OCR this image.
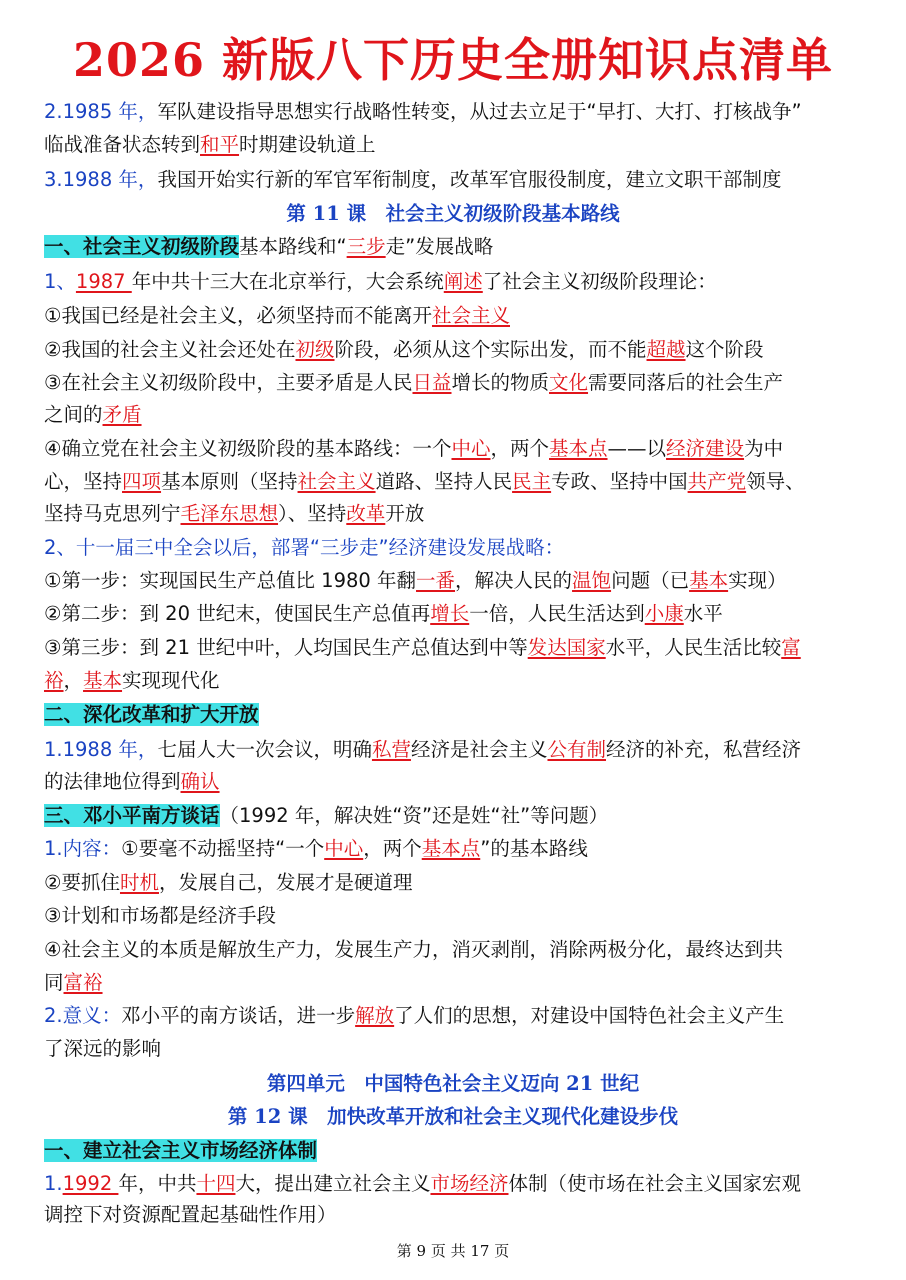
2026 新版八下历史全册知识点清单
2.1985 年，军队建设指导思想实行战略性转变，从过去立足于“早打、大打、打核战争”
临战准备状态转到和平时期建设轨道上
3.1988 年，我国开始实行新的军官军衔制度，改革军官服役制度，建立文职干部制度
第 11 课　社会主义初级阶段基本路线
一、社会主义初级阶段基本路线和“三步走”发展战略
1、1987 年中共十三大在北京举行，大会系统阐述了社会主义初级阶段理论：
①我国已经是社会主义，必须坚持而不能离开社会主义
②我国的社会主义社会还处在初级阶段，必须从这个实际出发，而不能超越这个阶段
③在社会主义初级阶段中，主要矛盾是人民日益增长的物质文化需要同落后的社会生产
之间的矛盾
④确立党在社会主义初级阶段的基本路线：一个中心，两个基本点——以经济建设为中
心，坚持四项基本原则（坚持社会主义道路、坚持人民民主专政、坚持中国共产党领导、
坚持马克思列宁毛泽东思想）、坚持改革开放
2、十一届三中全会以后，部署“三步走”经济建设发展战略：
①第一步：实现国民生产总值比 1980 年翻一番，解决人民的温饱问题（已基本实现）
②第二步：到 20 世纪末，使国民生产总值再增长一倍，人民生活达到小康水平
③第三步：到 21 世纪中叶，人均国民生产总值达到中等发达国家水平，人民生活比较富
裕，基本实现现代化
二、深化改革和扩大开放
1.1988 年，七届人大一次会议，明确私营经济是社会主义公有制经济的补充，私营经济
的法律地位得到确认
三、邓小平南方谈话（1992 年，解决姓“资”还是姓“社”等问题）
1.内容：①要毫不动摇坚持“一个中心，两个基本点”的基本路线
②要抓住时机，发展自己，发展才是硬道理
③计划和市场都是经济手段
④社会主义的本质是解放生产力，发展生产力，消灭剥削，消除两极分化，最终达到共
同富裕
2.意义：邓小平的南方谈话，进一步解放了人们的思想，对建设中国特色社会主义产生
了深远的影响
第四单元　中国特色社会主义迈向 21 世纪
第 12 课　加快改革开放和社会主义现代化建设步伐
一、建立社会主义市场经济体制
1.1992 年，中共十四大，提出建立社会主义市场经济体制（使市场在社会主义国家宏观
调控下对资源配置起基础性作用）
第 9 页 共 17 页
